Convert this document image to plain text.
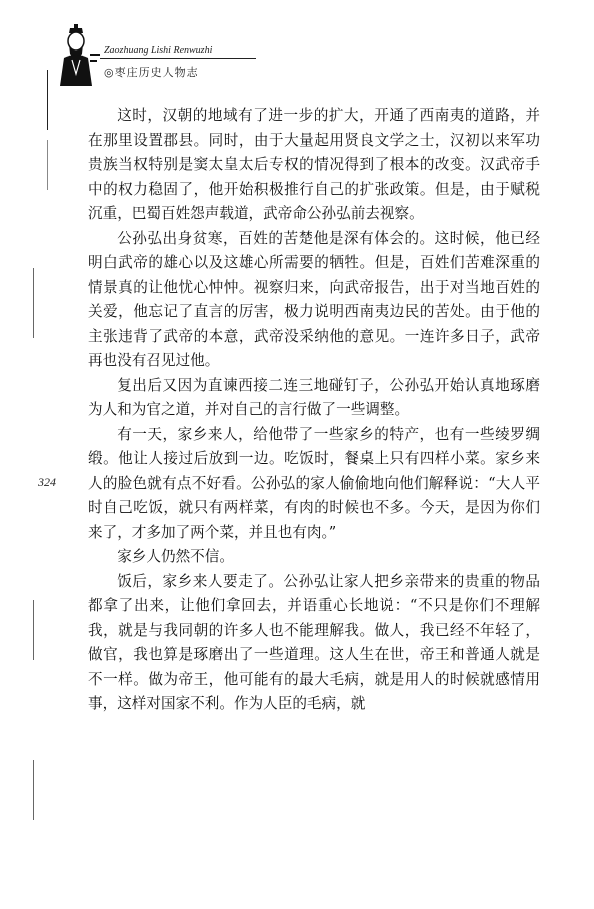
Zaozhuang Lishi Renwuzhi
◎枣庄历史人物志
324

这时，汉朝的地域有了进一步的扩大，开通了西南夷的道路，并在那里设置郡县。同时，由于大量起用贤良文学之士，汉初以来军功贵族当权特别是窦太皇太后专权的情况得到了根本的改变。汉武帝手中的权力稳固了，他开始积极推行自己的扩张政策。但是，由于赋税沉重，巴蜀百姓怨声载道，武帝命公孙弘前去视察。

公孙弘出身贫寒，百姓的苦楚他是深有体会的。这时候，他已经明白武帝的雄心以及这雄心所需要的牺牲。但是，百姓们苦难深重的情景真的让他忧心忡忡。视察归来，向武帝报告，出于对当地百姓的关爱，他忘记了直言的厉害，极力说明西南夷边民的苦处。由于他的主张违背了武帝的本意，武帝没采纳他的意见。一连许多日子，武帝再也没有召见过他。

复出后又因为直谏西接二连三地碰钉子，公孙弘开始认真地琢磨为人和为官之道，并对自己的言行做了一些调整。

有一天，家乡来人，给他带了一些家乡的特产，也有一些绫罗绸缎。他让人接过后放到一边。吃饭时，餐桌上只有四样小菜。家乡来人的脸色就有点不好看。公孙弘的家人偷偷地向他们解释说：“大人平时自己吃饭，就只有两样菜，有肉的时候也不多。今天，是因为你们来了，才多加了两个菜，并且也有肉。”

家乡人仍然不信。

饭后，家乡来人要走了。公孙弘让家人把乡亲带来的贵重的物品都拿了出来，让他们拿回去，并语重心长地说：“不只是你们不理解我，就是与我同朝的许多人也不能理解我。做人，我已经不年轻了，做官，我也算是琢磨出了一些道理。这人生在世，帝王和普通人就是不一样。做为帝王，他可能有的最大毛病，就是用人的时候就感情用事，这样对国家不利。作为人臣的毛病，就
